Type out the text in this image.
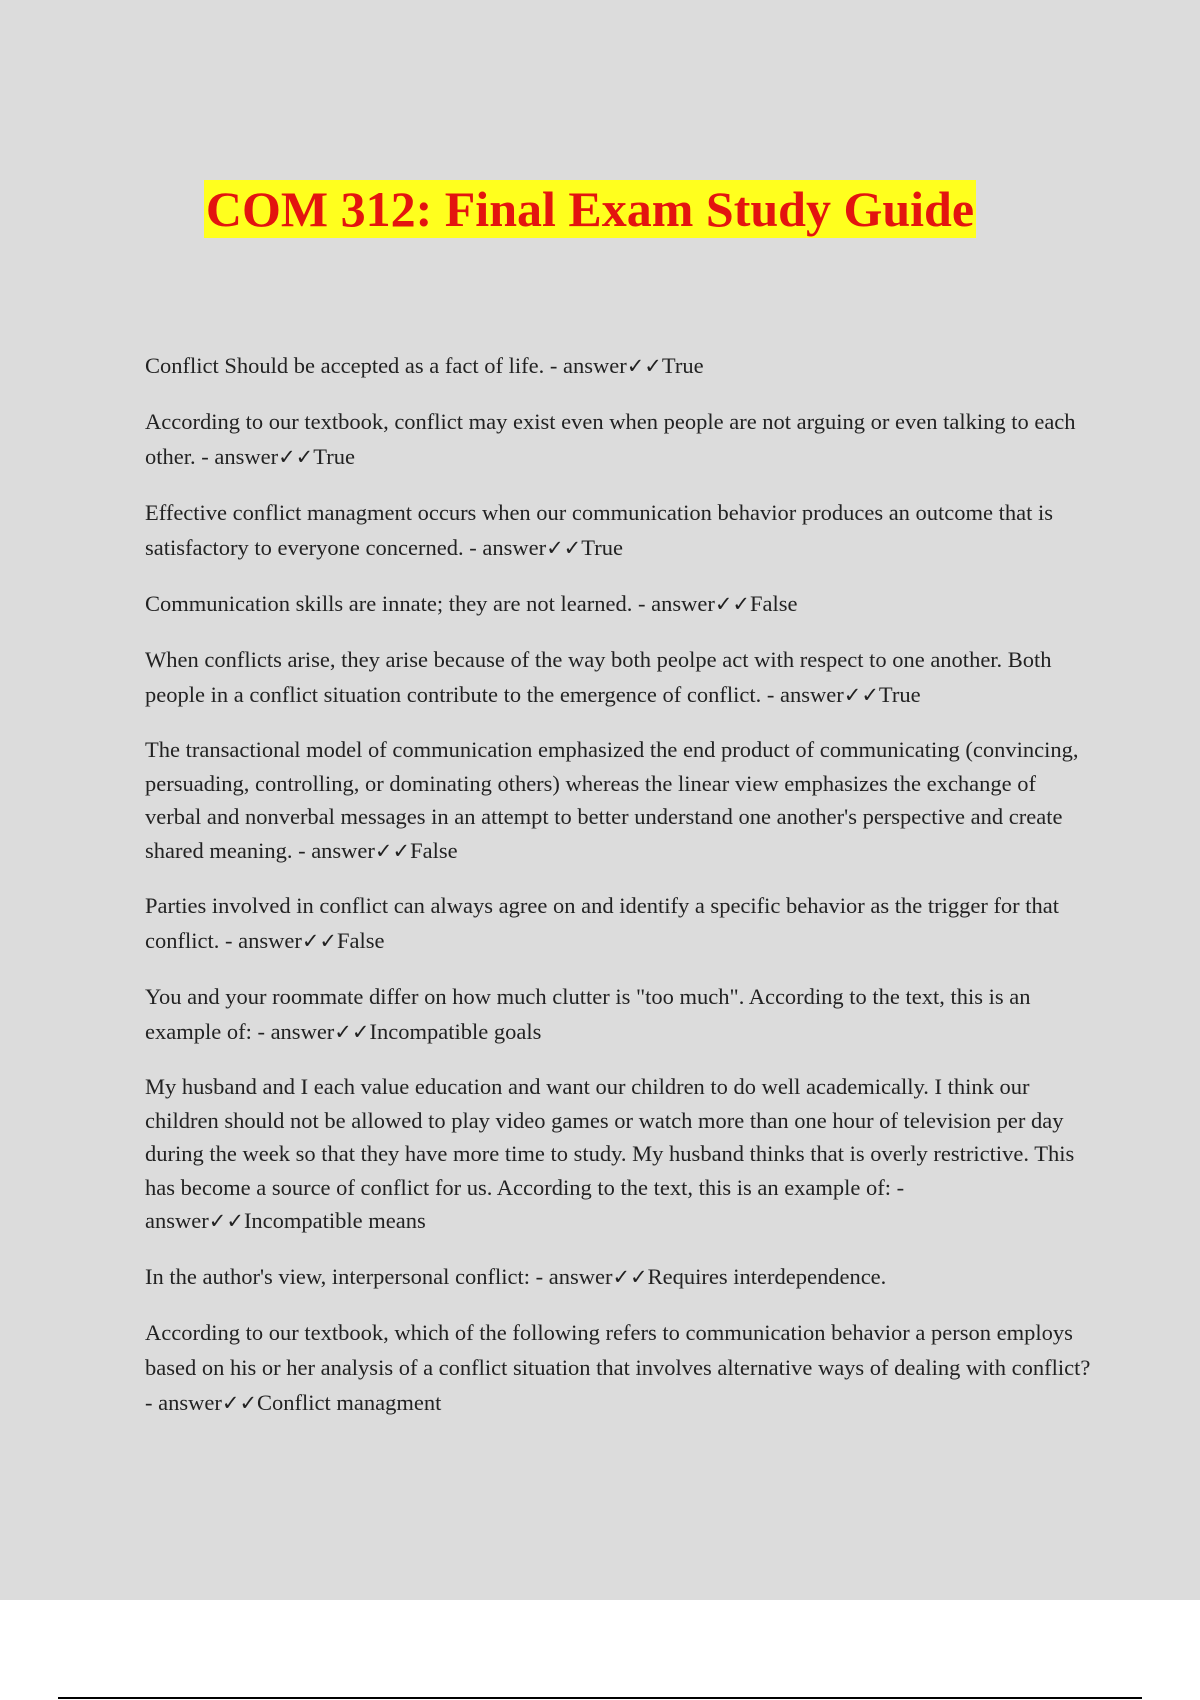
COM 312: Final Exam Study Guide

Conflict Should be accepted as a fact of life. - answer✓✓True

According to our textbook, conflict may exist even when people are not arguing or even talking to each other. - answer✓✓True

Effective conflict managment occurs when our communication behavior produces an outcome that is satisfactory to everyone concerned. - answer✓✓True

Communication skills are innate; they are not learned. - answer✓✓False

When conflicts arise, they arise because of the way both peolpe act with respect to one another. Both people in a conflict situation contribute to the emergence of conflict. - answer✓✓True

The transactional model of communication emphasized the end product of communicating (convincing, persuading, controlling, or dominating others) whereas the linear view emphasizes the exchange of verbal and nonverbal messages in an attempt to better understand one another's perspective and create shared meaning. - answer✓✓False

Parties involved in conflict can always agree on and identify a specific behavior as the trigger for that conflict. - answer✓✓False

You and your roommate differ on how much clutter is "too much". According to the text, this is an example of: - answer✓✓Incompatible goals

My husband and I each value education and want our children to do well academically. I think our children should not be allowed to play video games or watch more than one hour of television per day during the week so that they have more time to study. My husband thinks that is overly restrictive. This has become a source of conflict for us. According to the text, this is an example of: - answer✓✓Incompatible means

In the author's view, interpersonal conflict: - answer✓✓Requires interdependence.

According to our textbook, which of the following refers to communication behavior a person employs based on his or her analysis of a conflict situation that involves alternative ways of dealing with conflict? - answer✓✓Conflict managment
